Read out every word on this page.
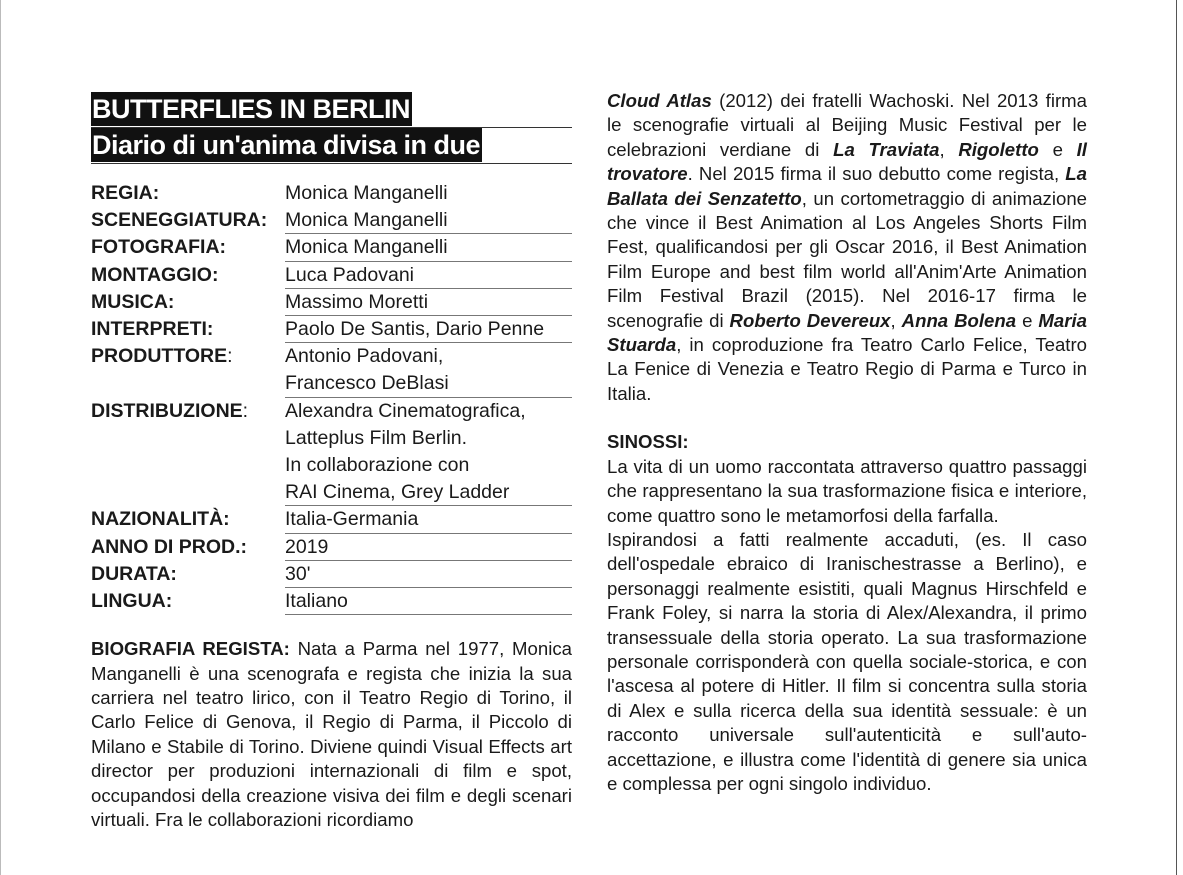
BUTTERFLIES IN BERLIN
Diario di un'anima divisa in due
REGIA:	Monica Manganelli
SCENEGGIATURA: Monica Manganelli
FOTOGRAFIA:	Monica Manganelli
MONTAGGIO:	Luca Padovani
MUSICA:	Massimo Moretti
INTERPRETI:	Paolo De Santis, Dario Penne
PRODUTTORE:	Antonio Padovani,
Francesco DeBlasi
DISTRIBUZIONE:	Alexandra Cinematografica,
Latteplus Film Berlin.
In collaborazione con
RAI Cinema, Grey Ladder
NAZIONALITÀ:	Italia-Germania
ANNO DI PROD.:	2019
DURATA:	30'
LINGUA:	Italiano
BIOGRAFIA REGISTA: Nata a Parma nel 1977, Monica Manganelli è una scenografa e regista che inizia la sua carriera nel teatro lirico, con il Teatro Regio di Torino, il Carlo Felice di Genova, il Regio di Parma, il Piccolo di Milano e Stabile di Torino. Diviene quindi Visual Effects art director per produzioni internazionali di film e spot, occupandosi della creazione visiva dei film e degli scenari virtuali. Fra le collaborazioni ricordiamo

Cloud Atlas (2012) dei fratelli Wachoski. Nel 2013 firma le scenografie virtuali al Beijing Music Festival per le celebrazioni verdiane di La Traviata, Rigoletto e Il trovatore. Nel 2015 firma il suo debutto come regista, La Ballata dei Senzatetto, un cortometraggio di animazione che vince il Best Animation al Los Angeles Shorts Film Fest, qualificandosi per gli Oscar 2016, il Best Animation Film Europe and best film world all'Anim'Arte Animation Film Festival Brazil (2015). Nel 2016-17 firma le scenografie di Roberto Devereux, Anna Bolena e Maria Stuarda, in coproduzione fra Teatro Carlo Felice, Teatro La Fenice di Venezia e Teatro Regio di Parma e Turco in Italia.

SINOSSI:

La vita di un uomo raccontata attraverso quattro passaggi che rappresentano la sua trasformazione fisica e interiore, come quattro sono le metamorfosi della farfalla.

Ispirandosi a fatti realmente accaduti, (es. Il caso dell'ospedale ebraico di Iranischestrasse a Berlino), e personaggi realmente esistiti, quali Magnus Hirschfeld e Frank Foley, si narra la storia di Alex/Alexandra, il primo transessuale della storia operato. La sua trasformazione personale corrisponderà con quella sociale-storica, e con l'ascesa al potere di Hitler. Il film si concentra sulla storia di Alex e sulla ricerca della sua identità sessuale: è un racconto universale sull'autenticità e sull'auto-accettazione, e illustra come l'identità di genere sia unica e complessa per ogni singolo individuo.
